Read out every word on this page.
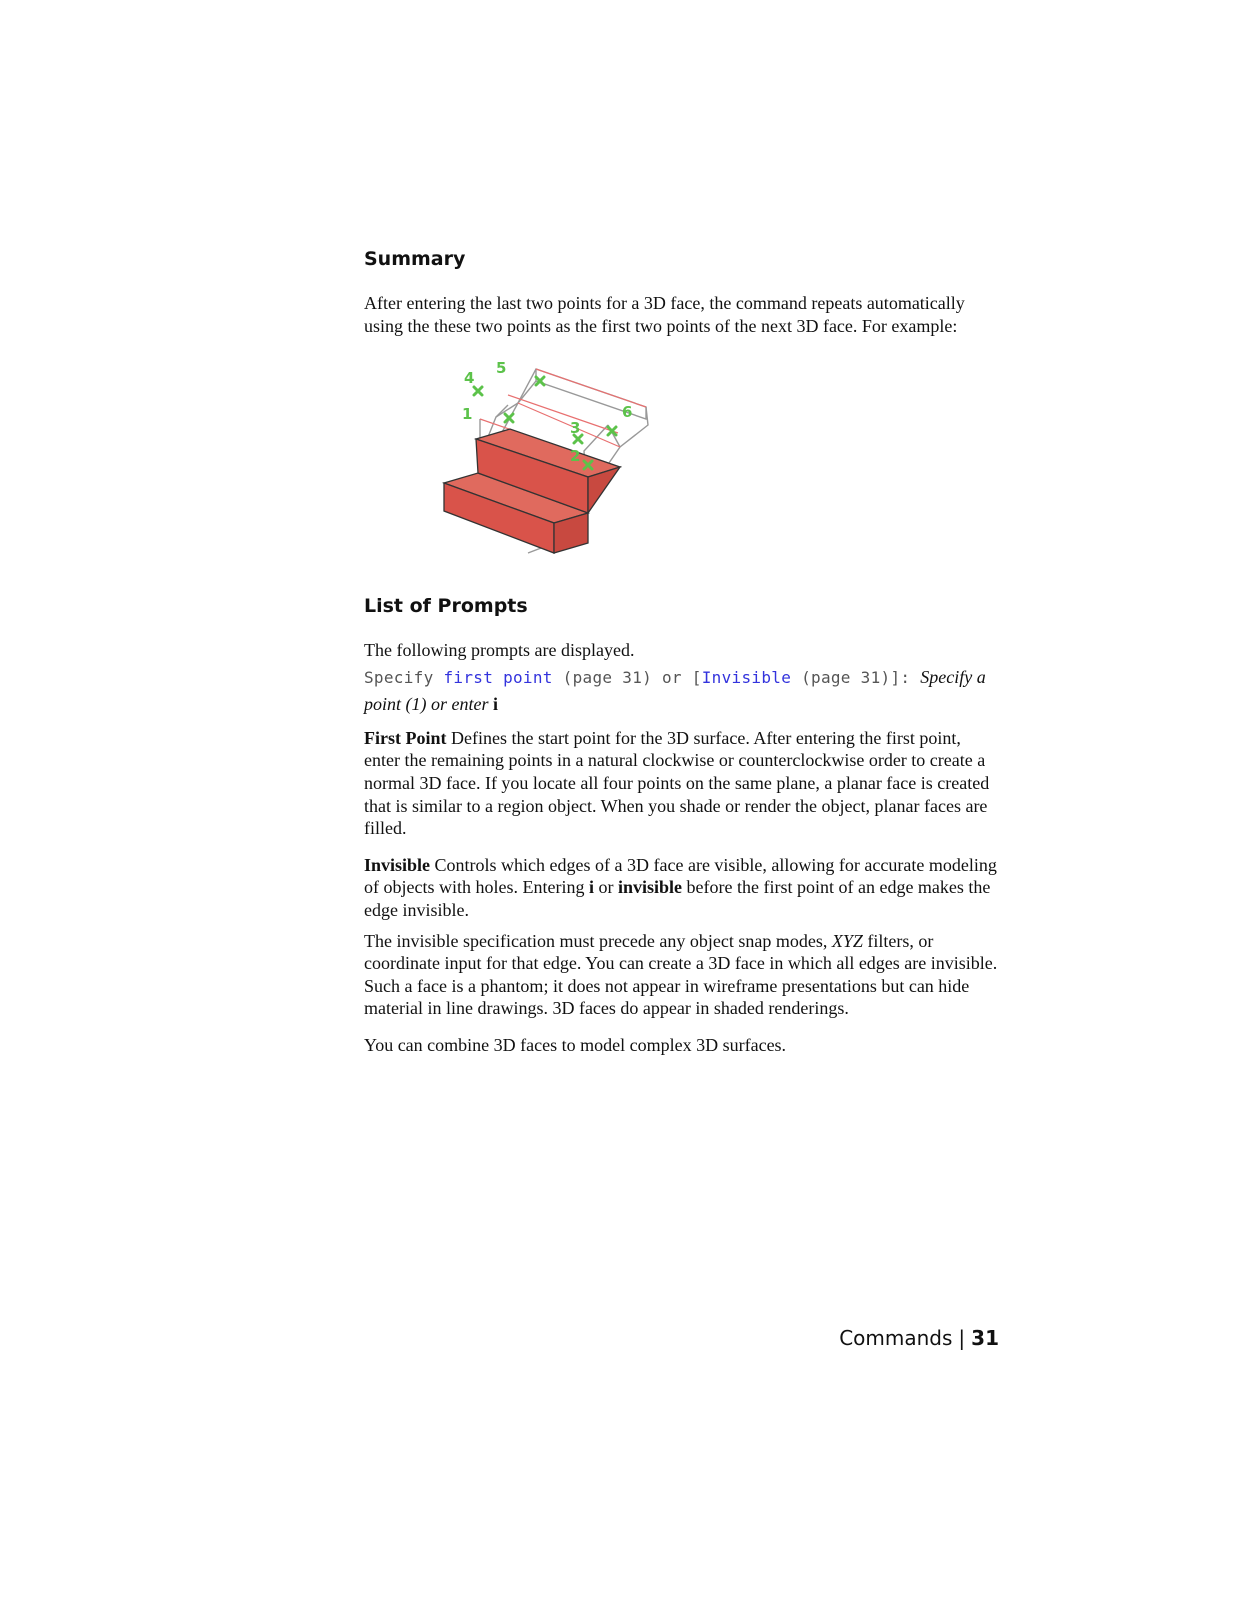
Summary

After entering the last two points for a 3D face, the command repeats automatically using the these two points as the first two points of the next 3D face. For example:

1
2
3
4
5
6
List of Prompts

The following prompts are displayed.

Specify first point (page 31) or [Invisible (page 31)]: Specify a point (1) or enter i

First Point Defines the start point for the 3D surface. After entering the first point, enter the remaining points in a natural clockwise or counterclockwise order to create a normal 3D face. If you locate all four points on the same plane, a planar face is created that is similar to a region object. When you shade or render the object, planar faces are filled.

Invisible Controls which edges of a 3D face are visible, allowing for accurate modeling of objects with holes. Entering i or invisible before the first point of an edge makes the edge invisible.

The invisible specification must precede any object snap modes, XYZ filters, or coordinate input for that edge. You can create a 3D face in which all edges are invisible. Such a face is a phantom; it does not appear in wireframe presentations but can hide material in line drawings. 3D faces do appear in shaded renderings.

You can combine 3D faces to model complex 3D surfaces.

Commands | 31
